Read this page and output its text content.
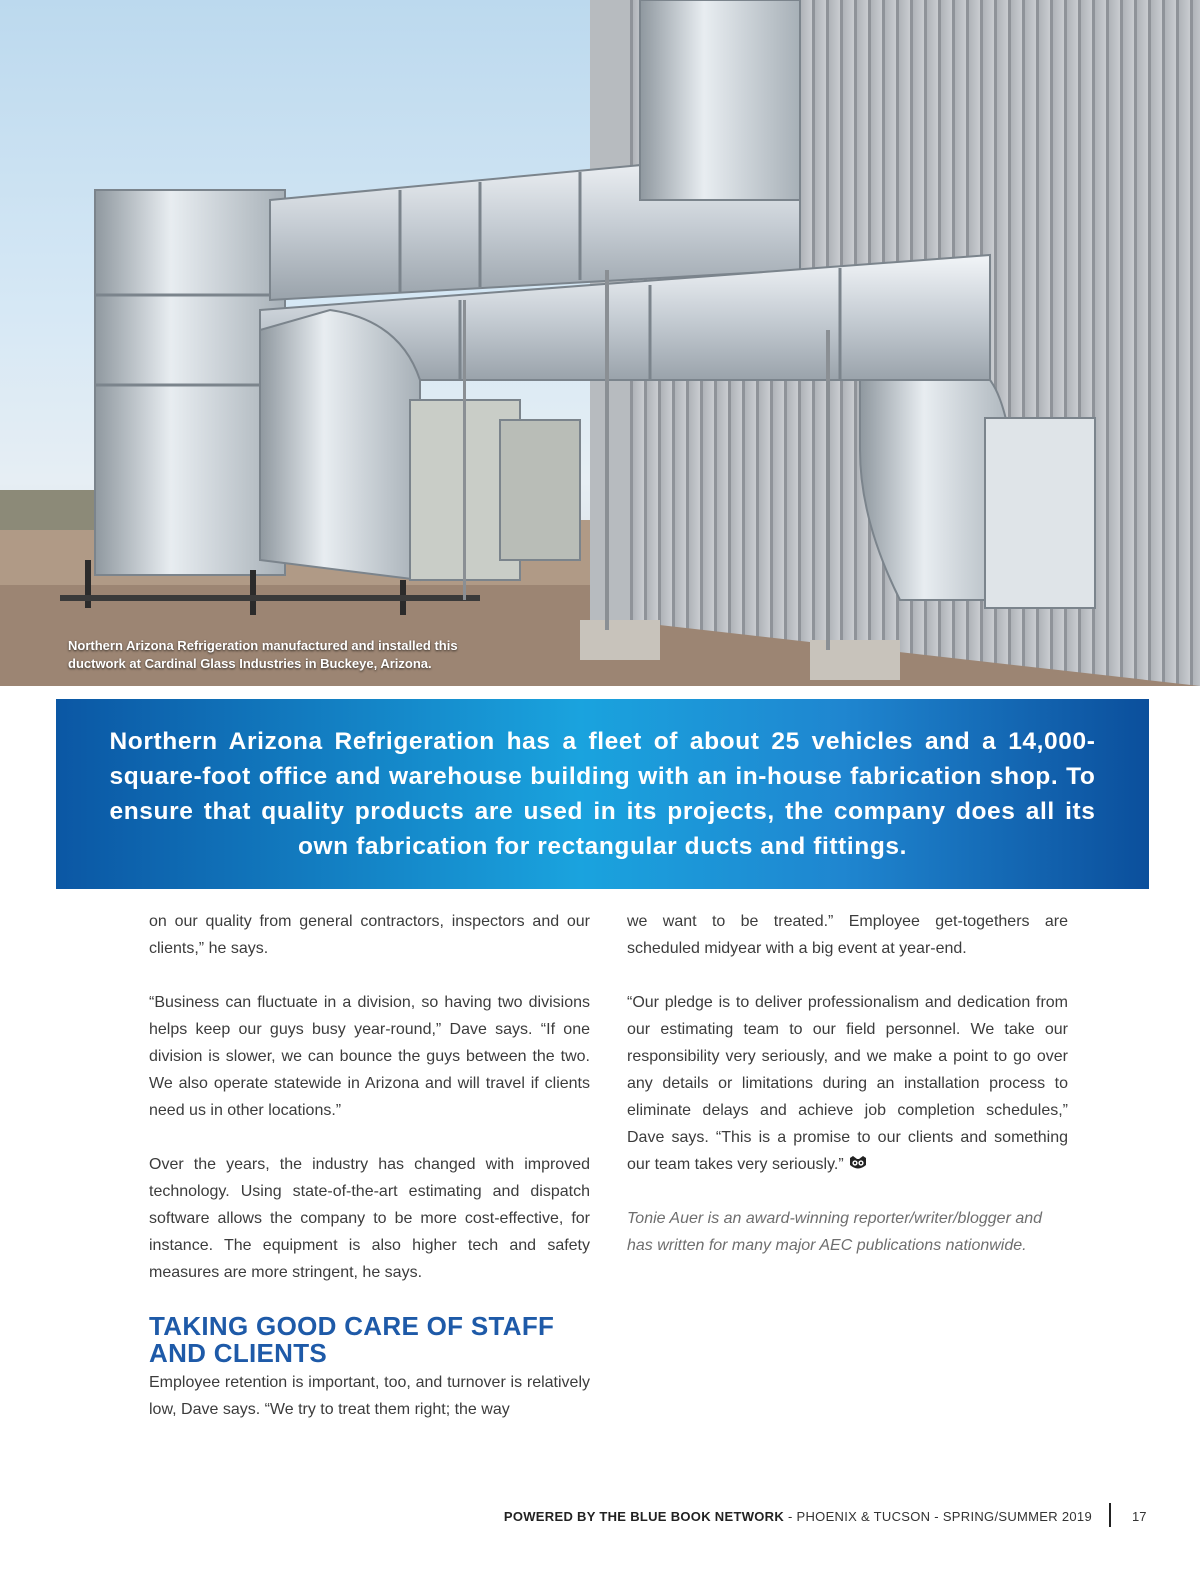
Northern Arizona Refrigeration manufactured and installed this
ductwork at Cardinal Glass Industries in Buckeye, Arizona.

Northern Arizona Refrigeration has a fleet of about 25 vehicles and a 14,000-square-foot office and warehouse building with an in-house fabrication shop. To ensure that quality products are used in its projects, the company does all its own fabrication for rectangular ducts and fittings.

on our quality from general contractors, inspectors and our clients,” he says.

“Business can fluctuate in a division, so having two divisions helps keep our guys busy year-round,” Dave says. “If one division is slower, we can bounce the guys between the two. We also operate statewide in Arizona and will travel if clients need us in other locations.”

Over the years, the industry has changed with improved technology. Using state-of-the-art estimating and dispatch software allows the company to be more cost-effective, for instance. The equipment is also higher tech and safety measures are more stringent, he says.

TAKING GOOD CARE OF STAFF
AND CLIENTS

Employee retention is important, too, and turnover is relatively low, Dave says. “We try to treat them right; the way

we want to be treated.” Employee get-togethers are scheduled midyear with a big event at year-end.

“Our pledge is to deliver professionalism and dedication from our estimating team to our field personnel. We take our responsibility very seriously, and we make a point to go over any details or limitations during an installation process to eliminate delays and achieve job completion schedules,” Dave says. “This is a promise to our clients and something our team takes very seriously.”

Tonie Auer is an award-winning reporter/writer/blogger and has written for many major AEC publications nationwide.

POWERED BY THE BLUE BOOK NETWORK - PHOENIX & TUCSON - SPRING/SUMMER 2019	17
